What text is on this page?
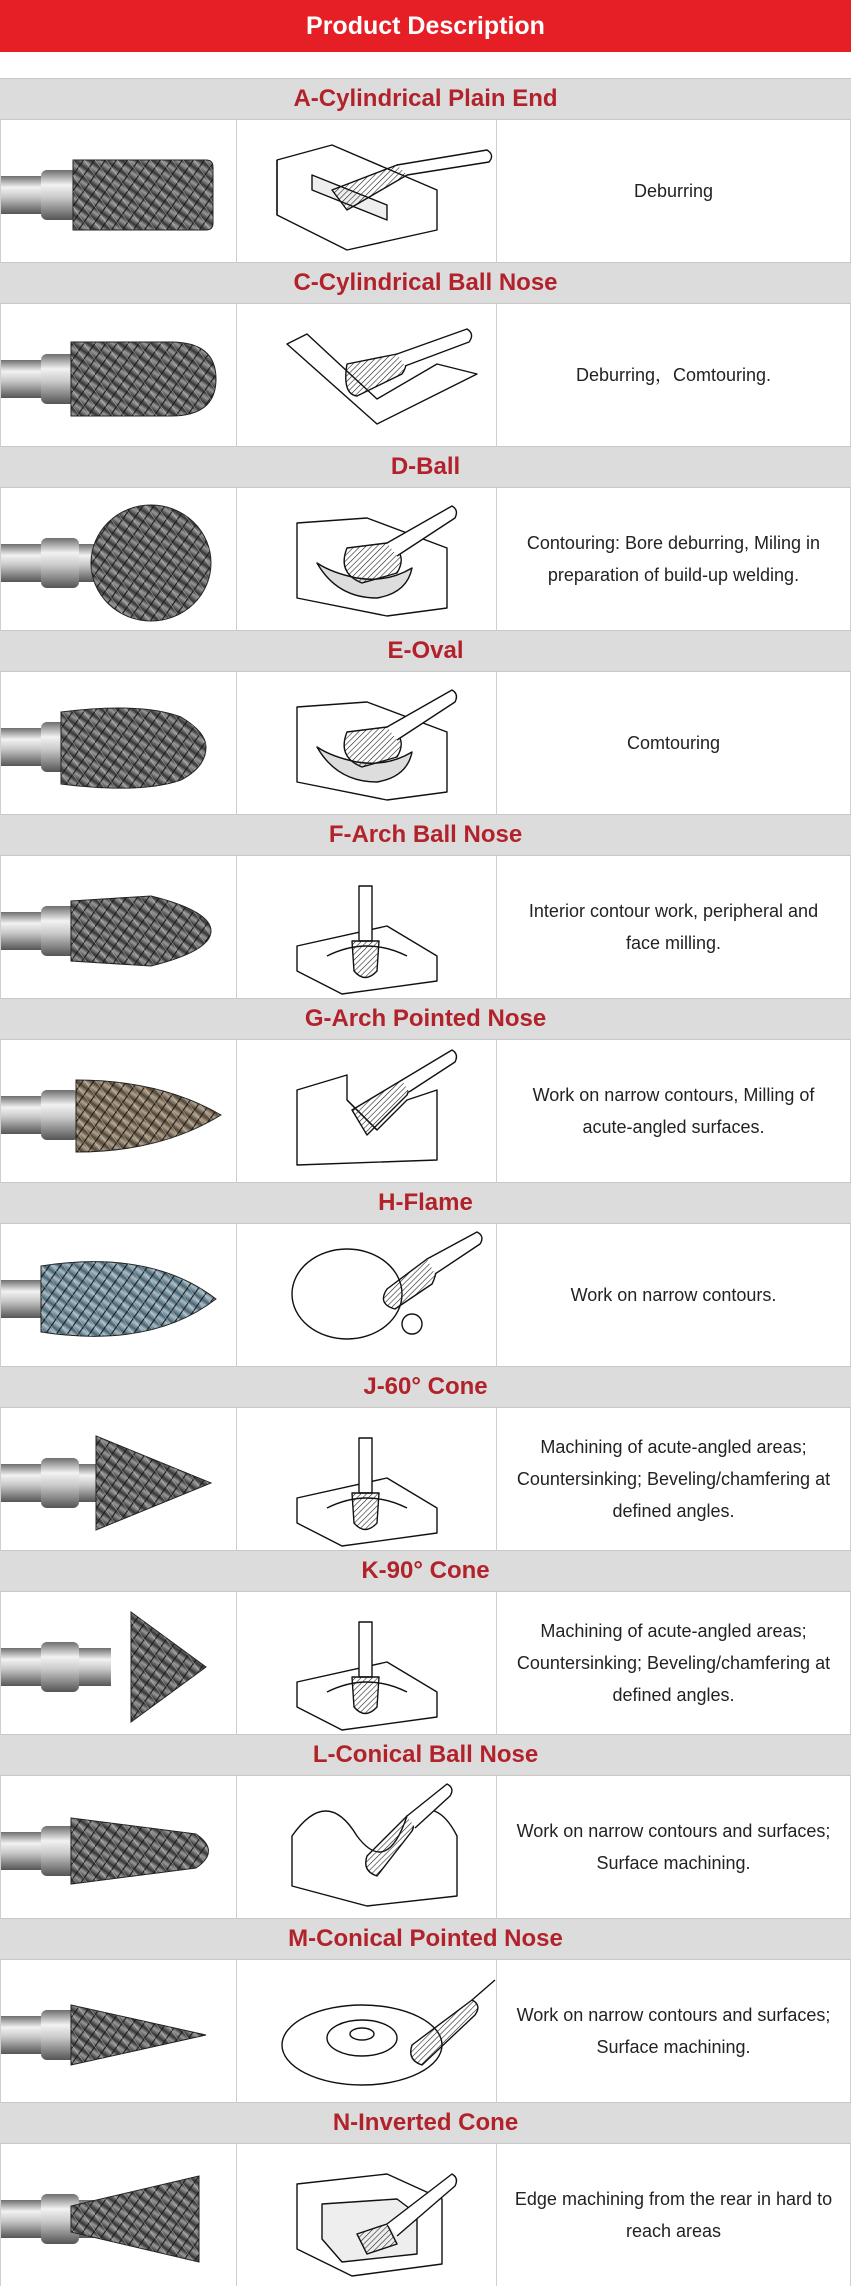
Product Description
A-Cylindrical Plain End
Deburring
C-Cylindrical Ball Nose
Deburring，Comtouring.
D-Ball
Contouring: Bore deburring, Miling in preparation of build-up welding.
E-Oval
Comtouring
F-Arch Ball Nose
Interior contour work, peripheral and face milling.
G-Arch Pointed Nose
Work on narrow contours, Milling of acute-angled surfaces.
H-Flame
Work on narrow contours.
J-60° Cone
Machining of acute-angled areas; Countersinking; Beveling/chamfering at defined angles.
K-90° Cone
Machining of acute-angled areas; Countersinking; Beveling/chamfering at defined angles.
L-Conical Ball Nose
Work on narrow contours and surfaces; Surface machining.
M-Conical Pointed Nose
Work on narrow contours and surfaces; Surface machining.
N-Inverted Cone
Edge machining from the rear in hard to reach areas
